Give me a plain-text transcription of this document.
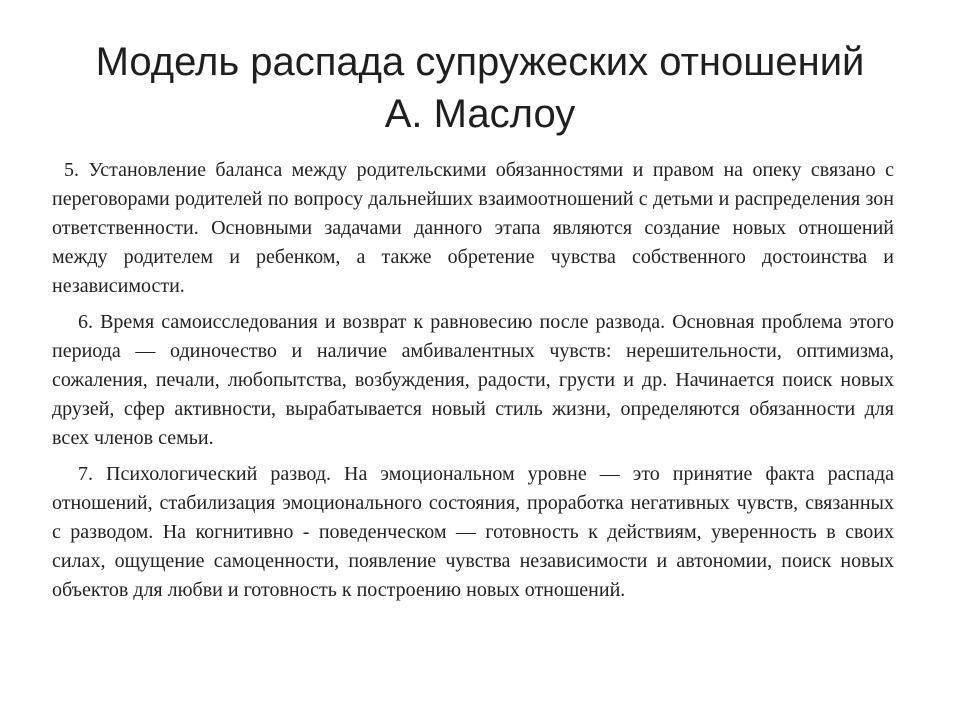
Модель распада супружеских отношений
А. Маслоу

5. Установление баланса между родительскими обязанностями и правом на опеку связано с переговорами родителей по вопросу дальнейших взаимоотношений с детьми и распределения зон ответственности. Основными задачами данного этапа являются создание новых отношений между родителем и ребенком, а также обретение чувства собственного достоинства и независимости.

6. Время самоисследования и возврат к равновесию после развода. Основная проблема этого периода — одиночество и наличие амбивалентных чувств: нерешительности, оптимизма, сожаления, печали, любопытства, возбуждения, радости, грусти и др. Начинается поиск новых друзей, сфер активности, вырабатывается новый стиль жизни, определяются обязанности для всех членов семьи.

7. Психологический развод. На эмоциональном уровне — это принятие факта распада отношений, стабилизация эмоционального состояния, проработка негативных чувств, связанных с разводом. На когнитивно - поведенческом — готовность к действиям, уверенность в своих силах, ощущение самоценности, появление чувства независимости и автономии, поиск новых объектов для любви и готовность к построению новых отношений.
